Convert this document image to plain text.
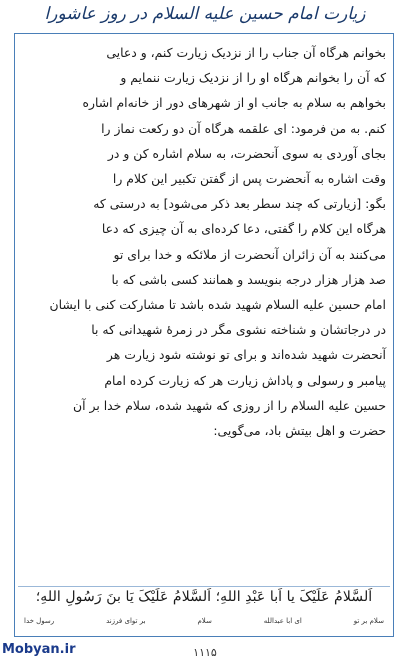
زیارت امام حسین علیه السلام در روز عاشورا

بخوانم هرگاه آن جناب را از نزدیک زیارت کنم، و دعایی

که آن را بخوانم هرگاه او را از نزدیک زیارت ننمایم و

بخواهم به سلام به جانب او از شهرهای دور از خانه‌ام اشاره

کنم. به من فرمود: ای علقمه هرگاه آن دو رکعت نماز را

بجای آوردی به سوی آنحضرت، به سلام اشاره کن و در

وقت اشاره به آنحضرت پس از گفتن تکبیر این کلام را

بگو: [زیارتی که چند سطر بعد ذکر می‌شود] به درستی که

هرگاه این کلام را گفتی، دعا کرده‌ای به آن چیزی که دعا

می‌کنند به آن زائران آنحضرت از ملائکه و خدا برای تو

صد هزار هزار درجه بنویسد و همانند کسی باشی که با

امام حسین علیه السلام شهید شده باشد تا مشارکت کنی با ایشان

در درجاتشان و شناخته نشوی مگر در زمرهٔ شهیدانی که با

آنحضرت شهید شده‌اند و برای تو نوشته شود زیارت هر

پیامبر و رسولی و پاداش زیارت هر که زیارت کرده امام

حسین علیه السلام را از روزی که شهید شده، سلام خدا بر آن

حضرت و اهل بیتش باد، می‌گویی:

اَلسَّلامُ عَلَیْکَ یا اَبا عَبْدِ اللهِ؛ اَلسَّلامُ عَلَیْکَ یَا بنَ رَسُولِ اللهِ؛
سلام بر تو
ای ابا عبدالله
سلام
بر توای فرزند
رسول خدا
Mobyan.ir	۱۱۱۵
